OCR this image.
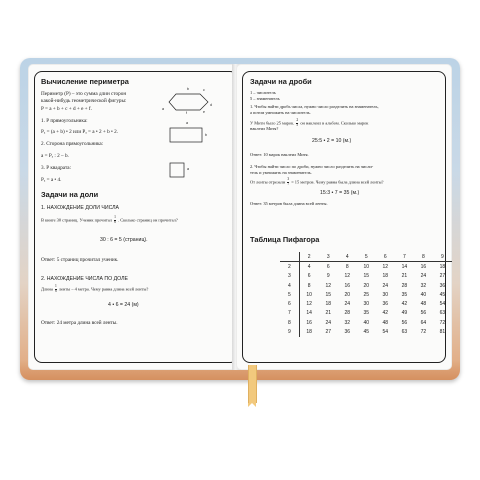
Вычисление периметра
Периметр (Р) – это сумма длин сторон
какой-нибудь геометрической фигуры:
P = a + b + c + d + e + f.
1. Р прямоугольника:
Pₐ = (a + b) • 2 или Pₐ = a • 2 + b • 2.
2. Сторона прямоугольника:
a = Pₐ : 2 – b.
3. Р квадрата:
Pₐ = a • 4.
b	c
d
a
f	e
a
b
a
Задачи на доли
1. НАХОЖДЕНИЕ ДОЛИ ЧИСЛА
В книге 30 страниц. Ученик прочитал $\frac{1}{6}$ . Сколько страниц он прочитал?
30 : 6 = 5 (страниц).
Ответ: 5 страниц прочитал ученик.
2. НАХОЖДЕНИЕ ЧИСЛА ПО ДОЛЕ
Длина $\frac{1}{6}$ ленты – 4 метра. Чему равна длина всей ленты?
4 • 6 = 24 (м)
Ответ: 24 метра длина всей ленты.
Задачи на дроби
1 – числитель
5 – знаменатель
1. Чтобы найти дробь числа, нужно число разделить на знаменатель,
а потом умножить на числитель.
У Мити было 25 марок. $\frac{2}{5}$ он наклеил в альбом. Сколько марок
наклеил Митя?
25:5 • 2 = 10 (м.)
Ответ: 10 марок наклеил Митя.
2. Чтобы найти число по дроби, нужно число разделить на числи-
тель и умножить на знаменатель.
От ленты отрезали $\frac{3}{7} = 15$ метров. Чему равна была длина всей ленты?
15:3 • 7 = 35 (м.)
Ответ: 35 метров была длина всей ленты.
Таблица Пифагора
	2	3	4	5	6	7	8	9
2	4	6	8	10	12	14	16	18
3	6	9	12	15	18	21	24	27
4	8	12	16	20	24	28	32	36
5	10	15	20	25	30	35	40	45
6	12	18	24	30	36	42	48	54
7	14	21	28	35	42	49	56	63
8	16	24	32	40	48	56	64	72
9	18	27	36	45	54	63	72	81
